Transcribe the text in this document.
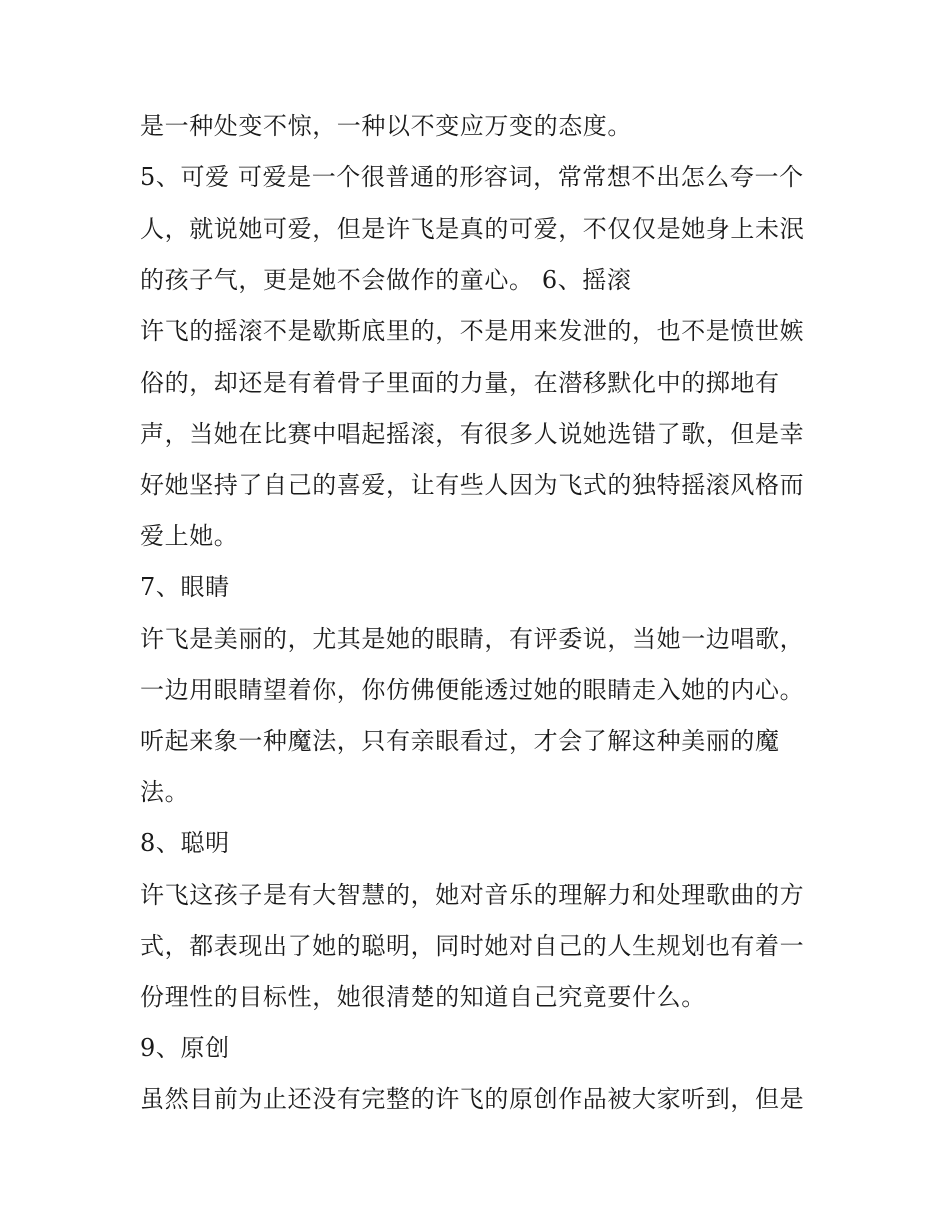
是一种处变不惊，一种以不变应万变的态度。

5、可爱 可爱是一个很普通的形容词，常常想不出怎么夸一个

人，就说她可爱，但是许飞是真的可爱，不仅仅是她身上未泯

的孩子气，更是她不会做作的童心。 6、摇滚

许飞的摇滚不是歇斯底里的，不是用来发泄的，也不是愤世嫉

俗的，却还是有着骨子里面的力量，在潜移默化中的掷地有

声，当她在比赛中唱起摇滚，有很多人说她选错了歌，但是幸

好她坚持了自己的喜爱，让有些人因为飞式的独特摇滚风格而

爱上她。

7、眼睛

许飞是美丽的，尤其是她的眼睛，有评委说，当她一边唱歌，

一边用眼睛望着你，你仿佛便能透过她的眼睛走入她的内心。

听起来象一种魔法，只有亲眼看过，才会了解这种美丽的魔

法。

8、聪明

许飞这孩子是有大智慧的，她对音乐的理解力和处理歌曲的方

式，都表现出了她的聪明，同时她对自己的人生规划也有着一

份理性的目标性，她很清楚的知道自己究竟要什么。

9、原创

虽然目前为止还没有完整的许飞的原创作品被大家听到，但是
